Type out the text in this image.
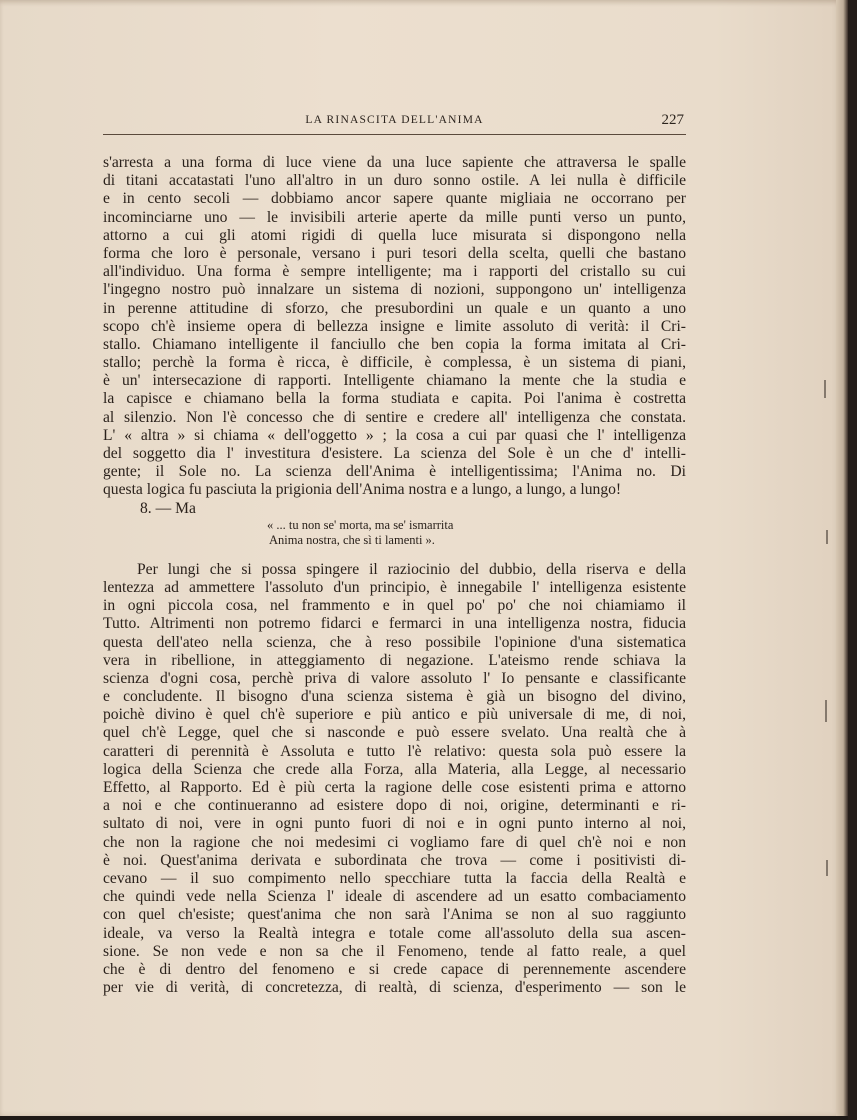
LA RINASCITA DELL'ANIMA	227
s'arresta a una forma di luce viene da una luce sapiente che attraversa le spalle
di titani accatastati l'uno all'altro in un duro sonno ostile. A lei nulla è difficile
e in cento secoli — dobbiamo ancor sapere quante migliaia ne occorrano per
incominciarne uno — le invisibili arterie aperte da mille punti verso un punto,
attorno a cui gli atomi rigidi di quella luce misurata si dispongono nella
forma che loro è personale, versano i puri tesori della scelta, quelli che bastano
all'individuo. Una forma è sempre intelligente; ma i rapporti del cristallo su cui
l'ingegno nostro può innalzare un sistema di nozioni, suppongono un' intelligenza
in perenne attitudine di sforzo, che presubordini un quale e un quanto a uno
scopo ch'è insieme opera di bellezza insigne e limite assoluto di verità: il Cri-
stallo. Chiamano intelligente il fanciullo che ben copia la forma imitata al Cri-
stallo; perchè la forma è ricca, è difficile, è complessa, è un sistema di piani,
è un' intersecazione di rapporti. Intelligente chiamano la mente che la studia e
la capisce e chiamano bella la forma studiata e capita. Poi l'anima è costretta
al silenzio. Non l'è concesso che di sentire e credere all' intelligenza che constata.
L' « altra » si chiama « dell'oggetto » ; la cosa a cui par quasi che l' intelligenza
del soggetto dia l' investitura d'esistere. La scienza del Sole è un che d' intelli-
gente; il Sole no. La scienza dell'Anima è intelligentissima; l'Anima no. Di
questa logica fu pasciuta la prigionia dell'Anima nostra e a lungo, a lungo, a lungo!
8. — Ma
« ... tu non se' morta, ma se' ismarrita
Anima nostra, che sì ti lamenti ».
Per lungi che si possa spingere il raziocinio del dubbio, della riserva e della
lentezza ad ammettere l'assoluto d'un principio, è innegabile l' intelligenza esistente
in ogni piccola cosa, nel frammento e in quel po' po' che noi chiamiamo il
Tutto. Altrimenti non potremo fidarci e fermarci in una intelligenza nostra, fiducia
questa dell'ateo nella scienza, che à reso possibile l'opinione d'una sistematica
vera in ribellione, in atteggiamento di negazione. L'ateismo rende schiava la
scienza d'ogni cosa, perchè priva di valore assoluto l' Io pensante e classificante
e concludente. Il bisogno d'una scienza sistema è già un bisogno del divino,
poichè divino è quel ch'è superiore e più antico e più universale di me, di noi,
quel ch'è Legge, quel che si nasconde e può essere svelato. Una realtà che à
caratteri di perennità è Assoluta e tutto l'è relativo: questa sola può essere la
logica della Scienza che crede alla Forza, alla Materia, alla Legge, al necessario
Effetto, al Rapporto. Ed è più certa la ragione delle cose esistenti prima e attorno
a noi e che continueranno ad esistere dopo di noi, origine, determinanti e ri-
sultato di noi, vere in ogni punto fuori di noi e in ogni punto interno al noi,
che non la ragione che noi medesimi ci vogliamo fare di quel ch'è noi e non
è noi. Quest'anima derivata e subordinata che trova — come i positivisti di-
cevano — il suo compimento nello specchiare tutta la faccia della Realtà e
che quindi vede nella Scienza l' ideale di ascendere ad un esatto combaciamento
con quel ch'esiste; quest'anima che non sarà l'Anima se non al suo raggiunto
ideale, va verso la Realtà integra e totale come all'assoluto della sua ascen-
sione. Se non vede e non sa che il Fenomeno, tende al fatto reale, a quel
che è di dentro del fenomeno e si crede capace di perennemente ascendere
per vie di verità, di concretezza, di realtà, di scienza, d'esperimento — son le
